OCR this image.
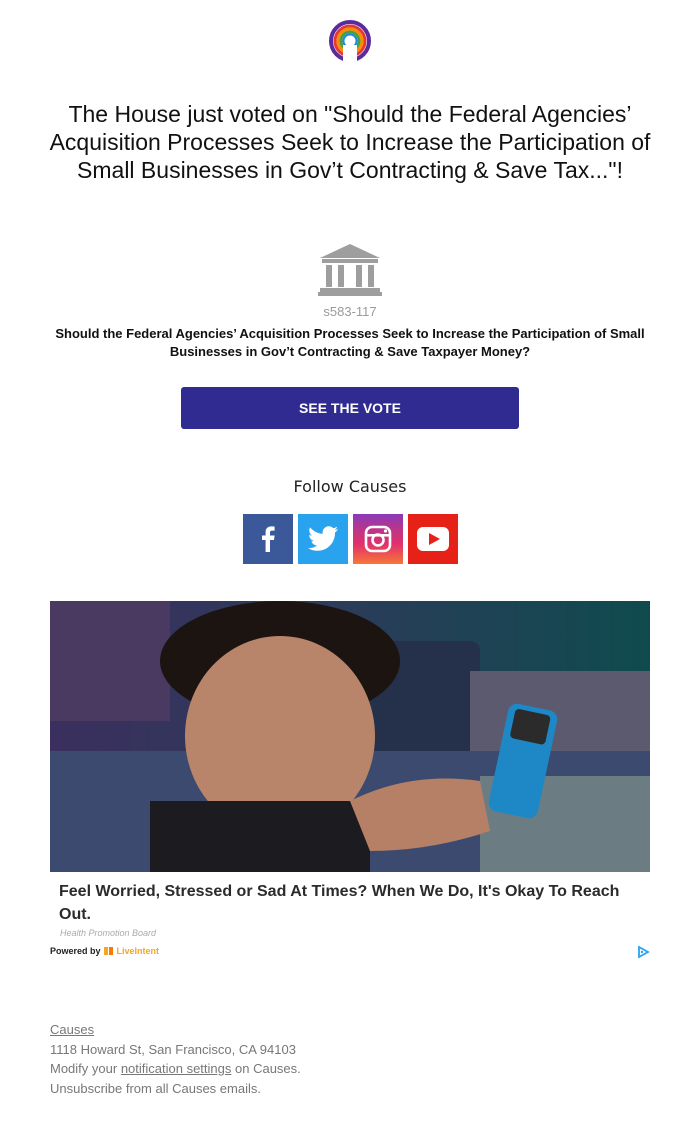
The House just voted on "Should the Federal Agencies’ Acquisition Processes Seek to Increase the Participation of Small Businesses in Gov’t Contracting & Save Tax..."!
s583-117

Should the Federal Agencies’ Acquisition Processes Seek to Increase the Participation of Small Businesses in Gov’t Contracting & Save Taxpayer Money?

SEE THE VOTE
Follow Causes

Feel Worried, Stressed or Sad At Times? When We Do, It's Okay To Reach Out.

Health Promotion Board
Powered by LiveIntent
Causes
1118 Howard St, San Francisco, CA 94103
Modify your notification settings on Causes.
Unsubscribe from all Causes emails.
